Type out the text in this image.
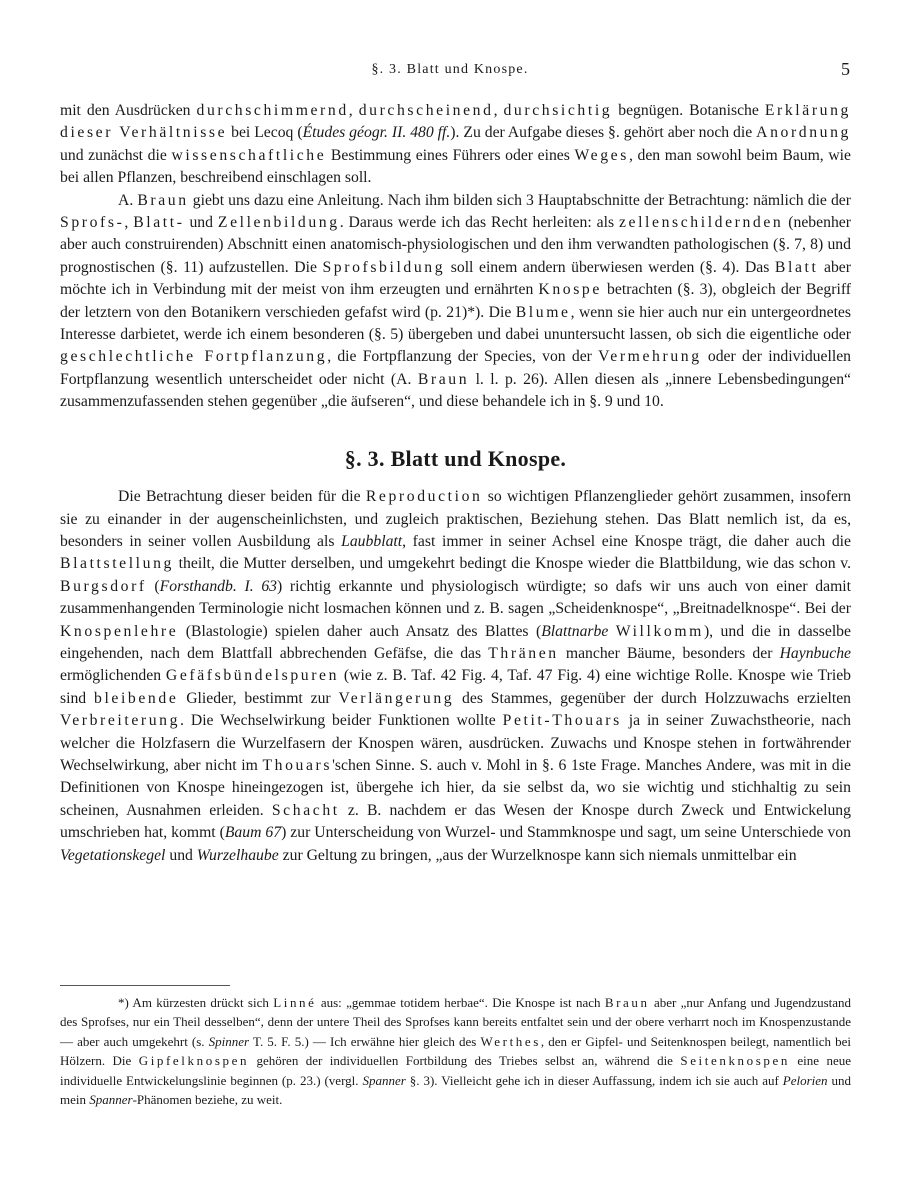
§. 3. Blatt und Knospe.	5

mit den Ausdrücken durchschimmernd, durchscheinend, durchsichtig begnügen. Botanische Erklärung dieser Verhältnisse bei Lecoq (Études géogr. II. 480 ff.). Zu der Aufgabe dieses §. gehört aber noch die Anordnung und zunächst die wissenschaftliche Bestimmung eines Führers oder eines Weges, den man sowohl beim Baum, wie bei allen Pflanzen, beschreibend einschlagen soll.

A. Braun giebt uns dazu eine Anleitung. Nach ihm bilden sich 3 Hauptabschnitte der Betrachtung: nämlich die der Sprofs-, Blatt- und Zellenbildung. Daraus werde ich das Recht herleiten: als zellenschildernden (nebenher aber auch construirenden) Abschnitt einen anatomisch-physiologischen und den ihm verwandten pathologischen (§. 7, 8) und prognostischen (§. 11) aufzustellen. Die Sprofsbildung soll einem andern überwiesen werden (§. 4). Das Blatt aber möchte ich in Verbindung mit der meist von ihm erzeugten und ernährten Knospe betrachten (§. 3), obgleich der Begriff der letztern von den Botanikern verschieden gefafst wird (p. 21)*). Die Blume, wenn sie hier auch nur ein untergeordnetes Interesse darbietet, werde ich einem besonderen (§. 5) übergeben und dabei ununtersucht lassen, ob sich die eigentliche oder geschlechtliche Fortpflanzung, die Fortpflanzung der Species, von der Vermehrung oder der individuellen Fortpflanzung wesentlich unterscheidet oder nicht (A. Braun l. l. p. 26). Allen diesen als „innere Lebensbedingungen“ zusammenzufassenden stehen gegenüber „die äufseren“, und diese behandele ich in §. 9 und 10.

§. 3. Blatt und Knospe.

Die Betrachtung dieser beiden für die Reproduction so wichtigen Pflanzenglieder gehört zusammen, insofern sie zu einander in der augenscheinlichsten, und zugleich praktischen, Beziehung stehen. Das Blatt nemlich ist, da es, besonders in seiner vollen Ausbildung als Laubblatt, fast immer in seiner Achsel eine Knospe trägt, die daher auch die Blattstellung theilt, die Mutter derselben, und umgekehrt bedingt die Knospe wieder die Blattbildung, wie das schon v. Burgsdorf (Forsthandb. I. 63) richtig erkannte und physiologisch würdigte; so dafs wir uns auch von einer damit zusammenhangenden Terminologie nicht losmachen können und z. B. sagen „Scheidenknospe“, „Breitnadelknospe“. Bei der Knospenlehre (Blastologie) spielen daher auch Ansatz des Blattes (Blattnarbe Willkomm), und die in dasselbe eingehenden, nach dem Blattfall abbrechenden Gefäfse, die das Thränen mancher Bäume, besonders der Haynbuche ermöglichenden Gefäfsbündelspuren (wie z. B. Taf. 42 Fig. 4, Taf. 47 Fig. 4) eine wichtige Rolle. Knospe wie Trieb sind bleibende Glieder, bestimmt zur Verlängerung des Stammes, gegenüber der durch Holzzuwachs erzielten Verbreiterung. Die Wechselwirkung beider Funktionen wollte Petit-Thouars ja in seiner Zuwachstheorie, nach welcher die Holzfasern die Wurzelfasern der Knospen wären, ausdrücken. Zuwachs und Knospe stehen in fortwährender Wechselwirkung, aber nicht im Thouars'schen Sinne. S. auch v. Mohl in §. 6 1ste Frage. Manches Andere, was mit in die Definitionen von Knospe hineingezogen ist, übergehe ich hier, da sie selbst da, wo sie wichtig und stichhaltig zu sein scheinen, Ausnahmen erleiden. Schacht z. B. nachdem er das Wesen der Knospe durch Zweck und Entwickelung umschrieben hat, kommt (Baum 67) zur Unterscheidung von Wurzel- und Stammknospe und sagt, um seine Unterschiede von Vegetationskegel und Wurzelhaube zur Geltung zu bringen, „aus der Wurzelknospe kann sich niemals unmittelbar ein

*) Am kürzesten drückt sich Linné aus: „gemmae totidem herbae“. Die Knospe ist nach Braun aber „nur Anfang und Jugendzustand des Sprofses, nur ein Theil desselben“, denn der untere Theil des Sprofses kann bereits entfaltet sein und der obere verharrt noch im Knospenzustande — aber auch umgekehrt (s. Spinner T. 5. F. 5.) — Ich erwähne hier gleich des Werthes, den er Gipfel- und Seitenknospen beilegt, namentlich bei Hölzern. Die Gipfelknospen gehören der individuellen Fortbildung des Triebes selbst an, während die Seitenknospen eine neue individuelle Entwickelungslinie beginnen (p. 23.) (vergl. Spanner §. 3). Vielleicht gehe ich in dieser Auffassung, indem ich sie auch auf Pelorien und mein Spanner-Phänomen beziehe, zu weit.
